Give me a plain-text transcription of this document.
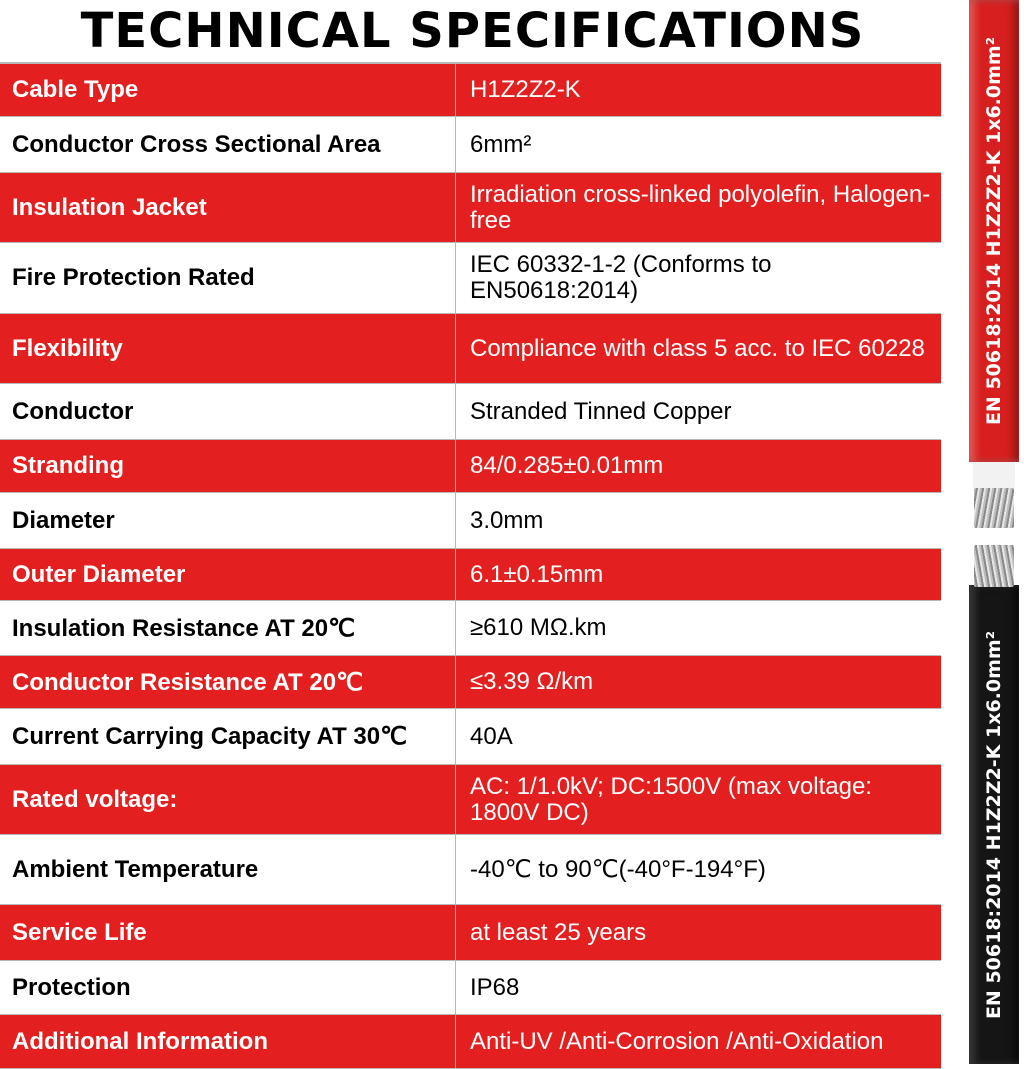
TECHNICAL SPECIFICATIONS
Cable Type	H1Z2Z2-K
Conductor Cross Sectional Area	6mm²
Insulation Jacket	Irradiation cross-linked polyolefin, Halogen-free
Fire Protection Rated	IEC 60332-1-2 (Conforms to EN50618:2014)
Flexibility	Compliance with class 5 acc. to IEC 60228
Conductor	Stranded Tinned Copper
Stranding	84/0.285±0.01mm
Diameter	3.0mm
Outer Diameter	6.1±0.15mm
Insulation Resistance AT 20℃	≥610 MΩ.km
Conductor Resistance AT 20℃	≤3.39 Ω/km
Current Carrying Capacity AT 30℃	40A
Rated voltage:	AC: 1/1.0kV; DC:1500V (max voltage: 1800V DC)
Ambient Temperature	-40℃ to 90℃(-40°F-194°F)
Service Life	at least 25 years
Protection	IP68
Additional Information	Anti-UV /Anti-Corrosion /Anti-Oxidation
EN 50618:2014 H1Z2Z2-K 1x6.0mm²
EN 50618:2014 H1Z2Z2-K 1x6.0mm²
